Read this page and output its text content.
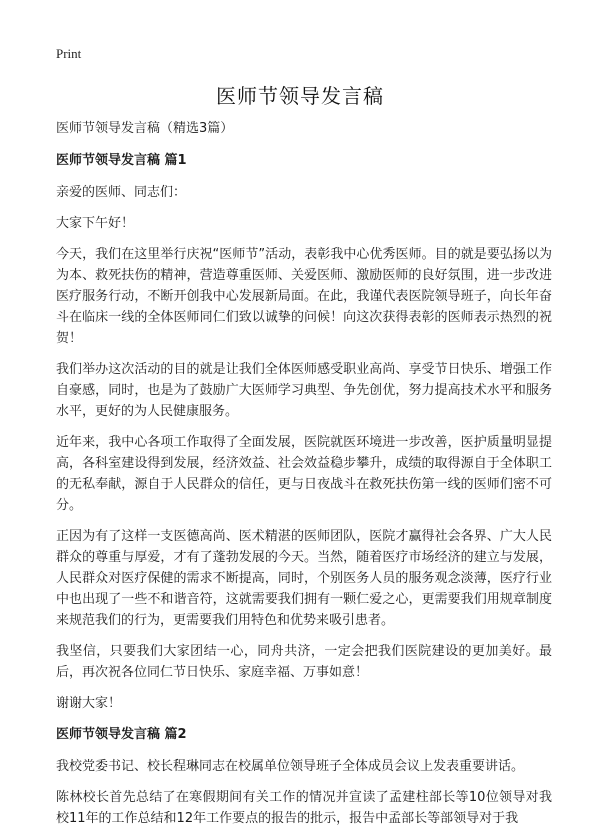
Print
医师节领导发言稿

医师节领导发言稿（精选3篇）

医师节领导发言稿 篇1

亲爱的医师、同志们：

大家下午好！

今天，我们在这里举行庆祝“医师节”活动，表彰我中心优秀医师。目的就是要弘扬以为为本、救死扶伤的精神，营造尊重医师、关爱医师、激励医师的良好氛围，进一步改进医疗服务行动，不断开创我中心发展新局面。在此，我谨代表医院领导班子，向长年奋斗在临床一线的全体医师同仁们致以诚挚的问候！向这次获得表彰的医师表示热烈的祝贺！

我们举办这次活动的目的就是让我们全体医师感受职业高尚、享受节日快乐、增强工作自豪感，同时，也是为了鼓励广大医师学习典型、争先创优，努力提高技术水平和服务水平，更好的为人民健康服务。

近年来，我中心各项工作取得了全面发展，医院就医环境进一步改善，医护质量明显提高，各科室建设得到发展，经济效益、社会效益稳步攀升，成绩的取得源自于全体职工的无私奉献，源自于人民群众的信任，更与日夜战斗在救死扶伤第一线的医师们密不可分。

正因为有了这样一支医德高尚、医术精湛的医师团队，医院才赢得社会各界、广大人民群众的尊重与厚爱，才有了蓬勃发展的今天。当然，随着医疗市场经济的建立与发展，人民群众对医疗保健的需求不断提高，同时，个别医务人员的服务观念淡薄，医疗行业中也出现了一些不和谐音符，这就需要我们拥有一颗仁爱之心，更需要我们用规章制度来规范我们的行为，更需要我们用特色和优势来吸引患者。

我坚信，只要我们大家团结一心，同舟共济，一定会把我们医院建设的更加美好。最后，再次祝各位同仁节日快乐、家庭幸福、万事如意！

谢谢大家！

医师节领导发言稿 篇2

我校党委书记、校长程琳同志在校属单位领导班子全体成员会议上发表重要讲话。

陈林校长首先总结了在寒假期间有关工作的情况并宣读了孟建柱部长等10位领导对我校11年的工作总结和12年工作要点的报告的批示，报告中孟部长等部领导对于我
